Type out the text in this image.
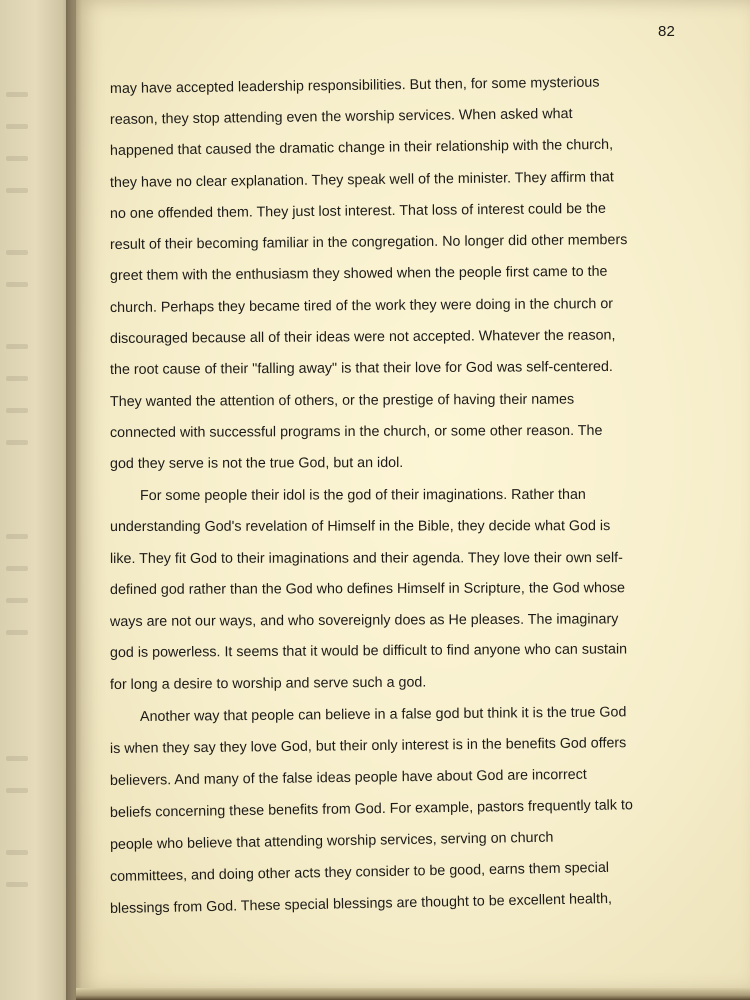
82
may have accepted leadership responsibilities. But then, for some mysterious
reason, they stop attending even the worship services. When asked what
happened that caused the dramatic change in their relationship with the church,
they have no clear explanation. They speak well of the minister. They affirm that
no one offended them. They just lost interest. That loss of interest could be the
result of their becoming familiar in the congregation. No longer did other members
greet them with the enthusiasm they showed when the people first came to the
church. Perhaps they became tired of the work they were doing in the church or
discouraged because all of their ideas were not accepted. Whatever the reason,
the root cause of their "falling away" is that their love for God was self-centered.
They wanted the attention of others, or the prestige of having their names
connected with successful programs in the church, or some other reason. The
god they serve is not the true God, but an idol.
For some people their idol is the god of their imaginations. Rather than
understanding God's revelation of Himself in the Bible, they decide what God is
like. They fit God to their imaginations and their agenda. They love their own self-
defined god rather than the God who defines Himself in Scripture, the God whose
ways are not our ways, and who sovereignly does as He pleases. The imaginary
god is powerless. It seems that it would be difficult to find anyone who can sustain
for long a desire to worship and serve such a god.
Another way that people can believe in a false god but think it is the true God
is when they say they love God, but their only interest is in the benefits God offers
believers. And many of the false ideas people have about God are incorrect
beliefs concerning these benefits from God. For example, pastors frequently talk to
people who believe that attending worship services, serving on church
committees, and doing other acts they consider to be good, earns them special
blessings from God. These special blessings are thought to be excellent health,
